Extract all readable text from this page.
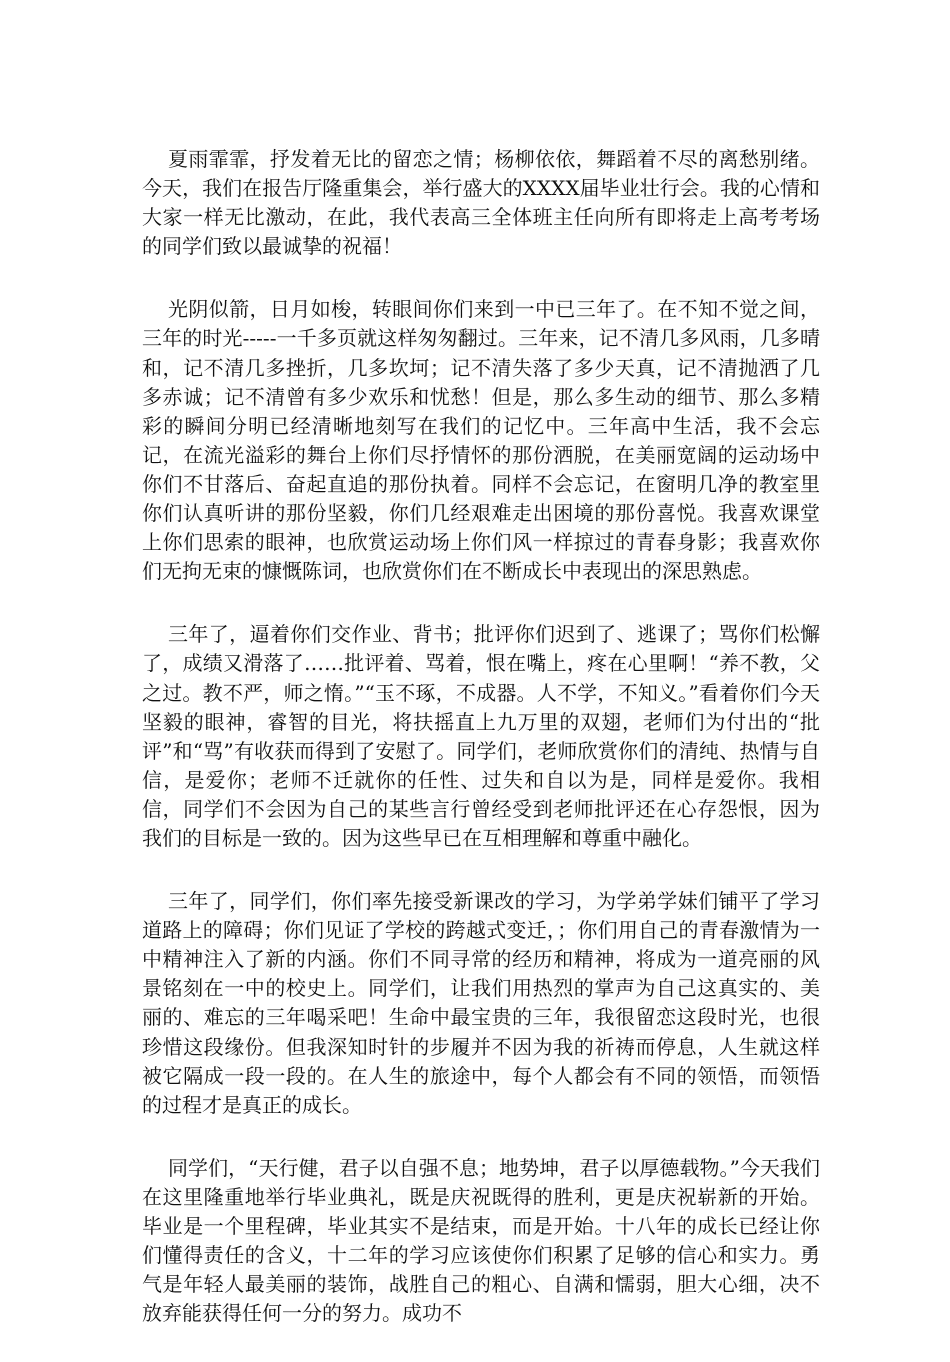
夏雨霏霏，抒发着无比的留恋之情；杨柳依依，舞蹈着不尽的离愁别绪。今天，我们在报告厅隆重集会，举行盛大的XXXX届毕业壮行会。我的心情和大家一样无比激动，在此，我代表高三全体班主任向所有即将走上高考考场的同学们致以最诚挚的祝福！

光阴似箭，日月如梭，转眼间你们来到一中已三年了。在不知不觉之间，三年的时光-----一千多页就这样匆匆翻过。三年来，记不清几多风雨，几多晴和，记不清几多挫折，几多坎坷；记不清失落了多少天真，记不清抛洒了几多赤诚；记不清曾有多少欢乐和忧愁！但是，那么多生动的细节、那么多精彩的瞬间分明已经清晰地刻写在我们的记忆中。三年高中生活，我不会忘记，在流光溢彩的舞台上你们尽抒情怀的那份洒脱，在美丽宽阔的运动场中你们不甘落后、奋起直追的那份执着。同样不会忘记，在窗明几净的教室里你们认真听讲的那份坚毅，你们几经艰难走出困境的那份喜悦。我喜欢课堂上你们思索的眼神，也欣赏运动场上你们风一样掠过的青春身影；我喜欢你们无拘无束的慷慨陈词，也欣赏你们在不断成长中表现出的深思熟虑。

三年了，逼着你们交作业、背书；批评你们迟到了、逃课了；骂你们松懈了，成绩又滑落了……批评着、骂着，恨在嘴上，疼在心里啊！“养不教，父之过。教不严，师之惰。”“玉不琢，不成器。人不学，不知义。”看着你们今天坚毅的眼神，睿智的目光，将扶摇直上九万里的双翅，老师们为付出的“批评”和“骂”有收获而得到了安慰了。同学们，老师欣赏你们的清纯、热情与自信，是爱你；老师不迁就你的任性、过失和自以为是，同样是爱你。我相信，同学们不会因为自己的某些言行曾经受到老师批评还在心存怨恨，因为我们的目标是一致的。因为这些早已在互相理解和尊重中融化。

三年了，同学们，你们率先接受新课改的学习，为学弟学妹们铺平了学习道路上的障碍；你们见证了学校的跨越式变迁，；你们用自己的青春激情为一中精神注入了新的内涵。你们不同寻常的经历和精神，将成为一道亮丽的风景铭刻在一中的校史上。同学们，让我们用热烈的掌声为自己这真实的、美丽的、难忘的三年喝采吧！生命中最宝贵的三年，我很留恋这段时光，也很珍惜这段缘份。但我深知时针的步履并不因为我的祈祷而停息，人生就这样被它隔成一段一段的。在人生的旅途中，每个人都会有不同的领悟，而领悟的过程才是真正的成长。

同学们，“天行健，君子以自强不息；地势坤，君子以厚德载物。”今天我们在这里隆重地举行毕业典礼，既是庆祝既得的胜利，更是庆祝崭新的开始。毕业是一个里程碑，毕业其实不是结束，而是开始。十八年的成长已经让你们懂得责任的含义，十二年的学习应该使你们积累了足够的信心和实力。勇气是年轻人最美丽的装饰，战胜自己的粗心、自满和懦弱，胆大心细，决不放弃能获得任何一分的努力。成功不
